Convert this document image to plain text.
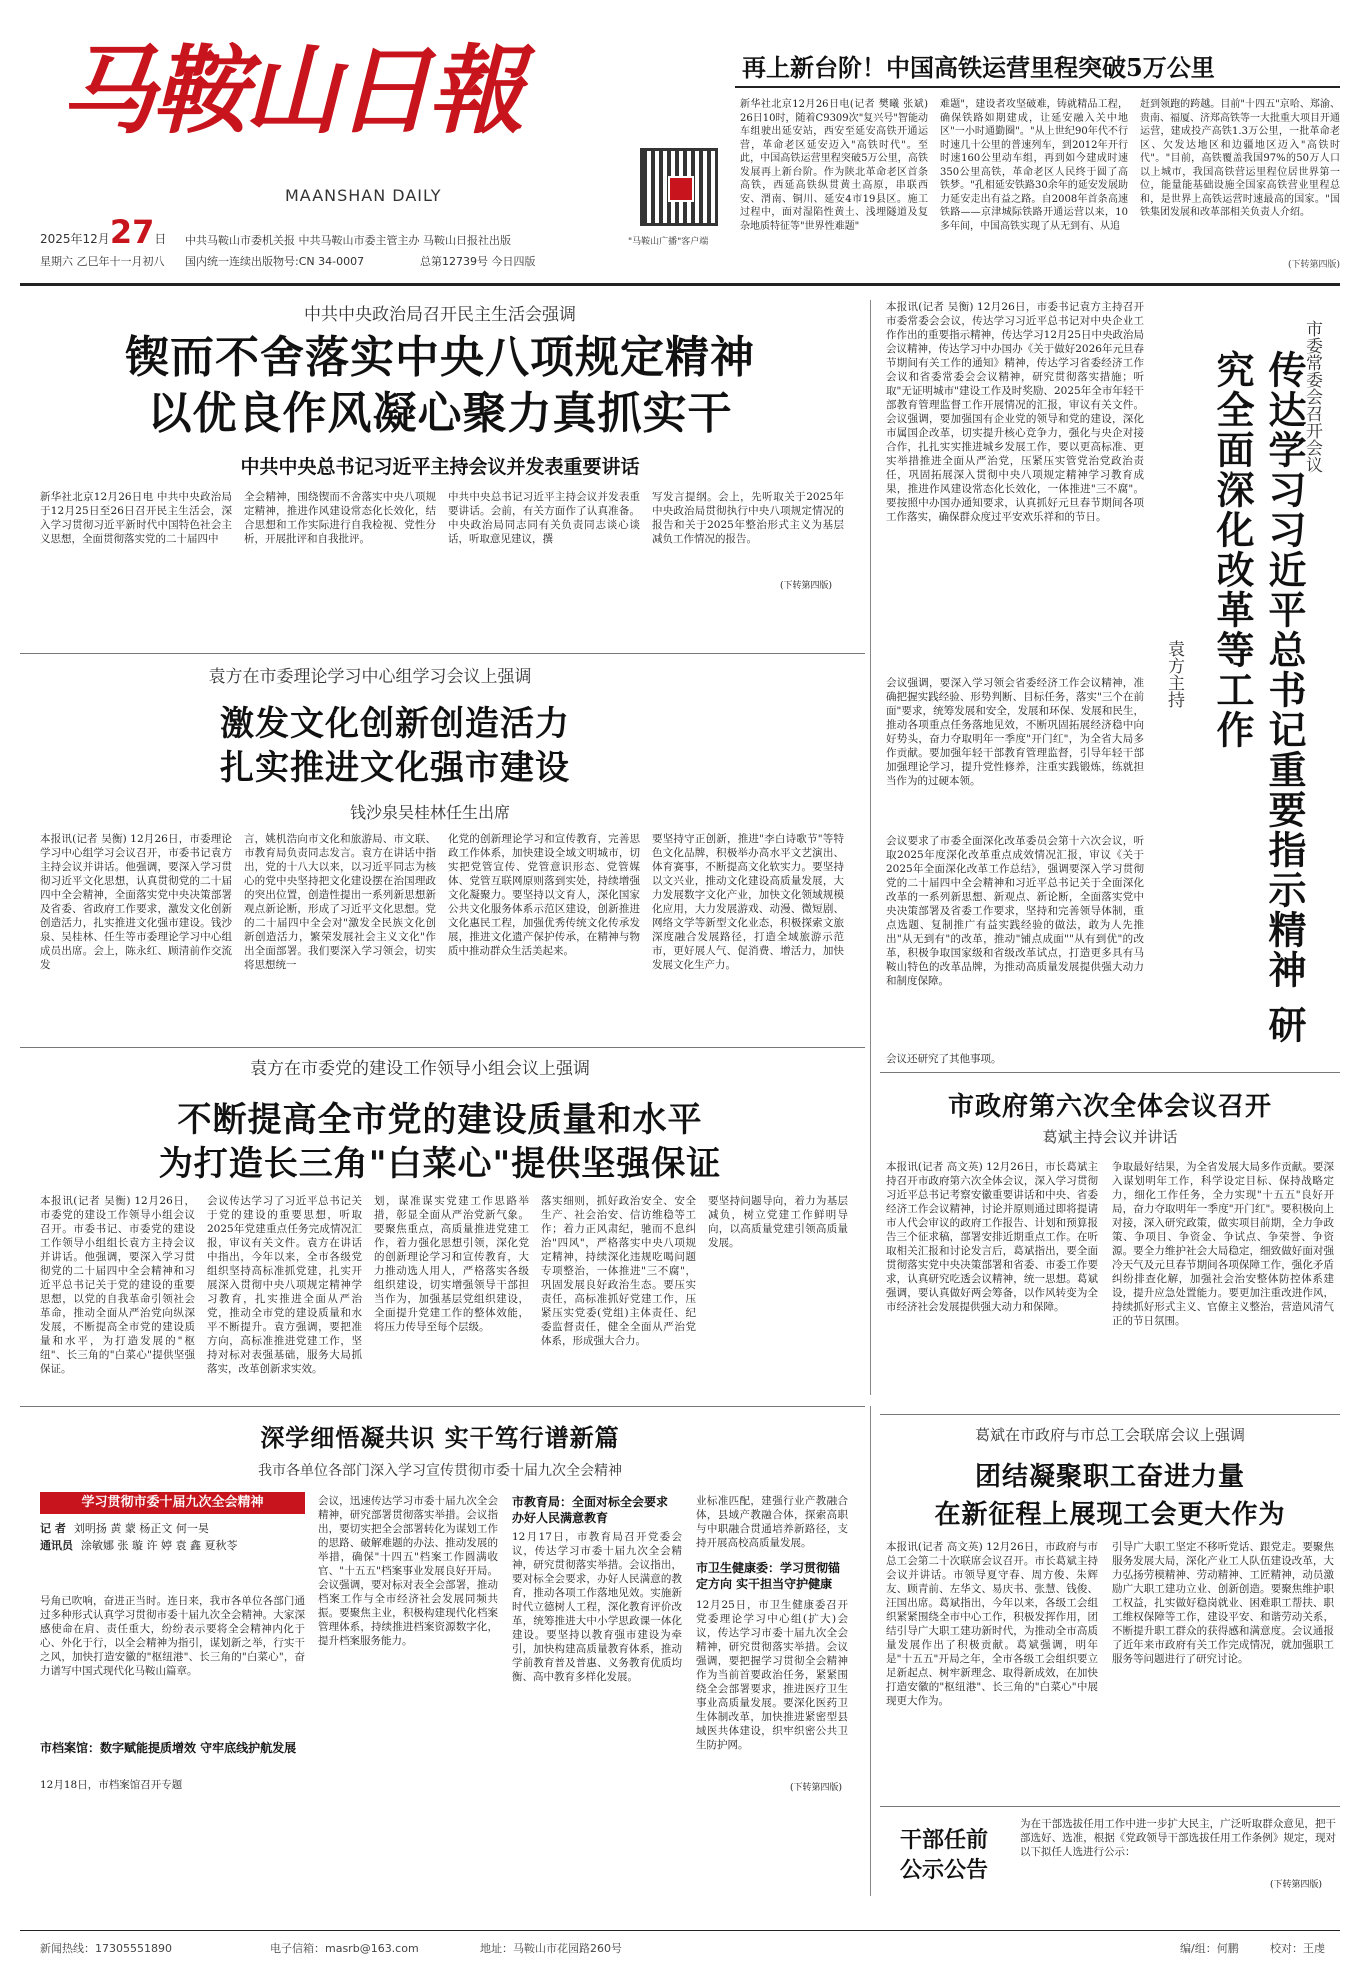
马鞍山日報
MAANSHAN DAILY
2025年12月27日
星期六 乙巳年十一月初八
中共马鞍山市委机关报 中共马鞍山市委主管主办 马鞍山日报社出版
国内统一连续出版物号:CN 34-0007	总第12739号 今日四版
"马鞍山广播"客户端
再上新台阶！中国高铁运营里程突破5万公里
新华社北京12月26日电(记者 樊曦 张斌) 26日10时，随着C9309次"复兴号"智能动车组驶出延安站，西安至延安高铁开通运营，革命老区延安迈入"高铁时代"。至此，中国高铁运营里程突破5万公里，高铁发展再上新台阶。作为陕北革命老区首条高铁，西延高铁纵贯黄土高原，串联西安、渭南、铜川、延安4市19县区。施工过程中，面对湿陷性黄土、浅埋隧道及复杂地质特征等"世界性难题"
难题"，建设者攻坚破难，铸就精品工程，确保铁路如期建成，让延安融入关中地区"一小时通勤圈"。"从上世纪90年代不行时速几十公里的普速列车，到2012年开行时速160公里动车组，再到如今建成时速350公里高铁，革命老区人民终于圆了高铁梦。"孔相延安铁路30余年的延安发展助力延安走出有益之路。自2008年首条高速铁路——京津城际铁路开通运营以来，10多年间，中国高铁实现了从无到有、从追
赶到领跑的跨越。目前"十四五"京哈、郑渝、贵南、福厦、济郑高铁等一大批重大项目开通运营，建成投产高铁1.3万公里，一批革命老区、欠发达地区和边疆地区迈入"高铁时代"。"目前，高铁覆盖我国97%的50万人口以上城市，我国高铁营运里程位居世界第一位，能量能基础设施全国家高铁营业里程总和，是世界上高铁运营时速最高的国家。"国铁集团发展和改革部相关负责人介绍。
(下转第四版)
中共中央政治局召开民主生活会强调
锲而不舍落实中央八项规定精神
以优良作风凝心聚力真抓实干
中共中央总书记习近平主持会议并发表重要讲话
新华社北京12月26日电 中共中央政治局于12月25日至26日召开民主生活会，深入学习贯彻习近平新时代中国特色社会主义思想，全面贯彻落实党的二十届四中
全会精神，围绕锲而不舍落实中央八项规定精神，推进作风建设常态化长效化，结合思想和工作实际进行自我检视、党性分析，开展批评和自我批评。
中共中央总书记习近平主持会议并发表重要讲话。会前，有关方面作了认真准备。中央政治局同志同有关负责同志谈心谈话，听取意见建议，撰
写发言提纲。会上，先听取关于2025年中央政治局贯彻执行中央八项规定情况的报告和关于2025年整治形式主义为基层减负工作情况的报告。
(下转第四版)
袁方在市委理论学习中心组学习会议上强调
激发文化创新创造活力
扎实推进文化强市建设
钱沙泉吴桂林任生出席
本报讯(记者 吴衡) 12月26日，市委理论学习中心组学习会议召开，市委书记袁方主持会议并讲话。他强调，要深入学习贯彻习近平文化思想，认真贯彻党的二十届四中全会精神，全面落实党中央决策部署及省委、省政府工作要求，激发文化创新创造活力，扎实推进文化强市建设。钱沙泉、吴桂林、任生等市委理论学习中心组成员出席。会上，陈永红、顾清前作交流发
言，姚机浩向市文化和旅游局、市文联、市教育局负责同志发言。袁方在讲话中指出，党的十八大以来，以习近平同志为核心的党中央坚持把文化建设摆在治国理政的突出位置，创造性提出一系列新思想新观点新论断，形成了习近平文化思想。党的二十届四中全会对"激发全民族文化创新创造活力，繁荣发展社会主义文化"作出全面部署。我们要深入学习领会，切实将思想统一
化党的创新理论学习和宣传教育，完善思政工作体系，加快建设全域文明城市，切实把党管宣传、党管意识形态、党管媒体、党管互联网原则落到实处，持续增强文化凝聚力。要坚持以文育人，深化国家公共文化服务体系示范区建设，创新推进文化惠民工程，加强优秀传统文化传承发展，推进文化遗产保护传承，在精神与物质中推动群众生活美起来。
要坚持守正创新，推进"李白诗歌节"等特色文化品牌，积极举办高水平文艺演出、体育赛事，不断提高文化软实力。要坚持以文兴业，推动文化建设高质量发展，大力发展数字文化产业，加快文化领域规模化应用，大力发展游戏、动漫、微短剧、网络文学等新型文化业态，积极探索文旅深度融合发展路径，打造全域旅游示范市，更好展人气、促消费、增活力，加快发展文化生产力。
袁方在市委党的建设工作领导小组会议上强调
不断提高全市党的建设质量和水平
为打造长三角"白菜心"提供坚强保证
本报讯(记者 吴衡) 12月26日，市委党的建设工作领导小组会议召开。市委书记、市委党的建设工作领导小组组长袁方主持会议并讲话。他强调，要深入学习贯彻党的二十届四中全会精神和习近平总书记关于党的建设的重要思想，以党的自我革命引领社会革命，推动全面从严治党向纵深发展，不断提高全市党的建设质量和水平，为打造发展的"枢纽"、长三角的"白菜心"提供坚强保证。
会议传达学习了习近平总书记关于党的建设的重要思想，听取2025年党建重点任务完成情况汇报，审议有关文件。袁方在讲话中指出，今年以来，全市各级党组织坚持高标准抓党建，扎实开展深入贯彻中央八项规定精神学习教育，扎实推进全面从严治党，推动全市党的建设质量和水平不断提升。袁方强调，要把准方向，高标准推进党建工作，坚持对标对表强基础，服务大局抓落实，改革创新求实效。
划，谋准谋实党建工作思路举措，彰显全面从严治党新气象。要聚焦重点，高质量推进党建工作，着力强化思想引领，深化党的创新理论学习和宣传教育，大力推动选人用人，严格落实各级组织建设，切实增强领导干部担当作为，加强基层党组织建设，全面提升党建工作的整体效能，将压力传导至每个层级。
落实细则，抓好政治安全、安全生产、社会治安、信访维稳等工作；着力正风肃纪，驰而不息纠治"四风"，严格落实中央八项规定精神，持续深化违规吃喝问题专项整治，一体推进"三不腐"，巩固发展良好政治生态。要压实责任，高标准抓好党建工作，压紧压实党委(党组)主体责任、纪委监督责任，健全全面从严治党体系，形成强大合力。
要坚持问题导向，着力为基层减负，树立党建工作鲜明导向，以高质量党建引领高质量发展。
本报讯(记者 吴衡) 12月26日，市委书记袁方主持召开市委常委会会议，传达学习习近平总书记对中央企业工作作出的重要指示精神，传达学习12月25日中央政治局会议精神，传达学习中办国办《关于做好2026年元旦春节期间有关工作的通知》精神，传达学习省委经济工作会议和省委常委会会议精神，研究贯彻落实措施；听取"无证明城市"建设工作及时奖励、2025年全市年轻干部教育管理监督工作开展情况的汇报，审议有关文件。会议强调，要加强国有企业党的领导和党的建设，深化市属国企改革，切实提升核心竞争力，强化与央企对接合作，扎扎实实推进城乡发展工作，要以更高标准、更实举措推进全面从严治党，压紧压实管党治党政治责任，巩固拓展深入贯彻中央八项规定精神学习教育成果，推进作风建设常态化长效化，一体推进"三不腐"。要按照中办国办通知要求，认真抓好元旦春节期间各项工作落实，确保群众度过平安欢乐祥和的节日。
会议强调，要深入学习领会省委经济工作会议精神，准确把握实践经验、形势判断、目标任务，落实"三个在前面"要求，统筹发展和安全，发展和环保、发展和民生，推动各项重点任务落地见效，不断巩固拓展经济稳中向好势头，奋力夺取明年一季度"开门红"，为全省大局多作贡献。要加强年轻干部教育管理监督，引导年轻干部加强理论学习，提升党性修养，注重实践锻炼，练就担当作为的过硬本领。
会议要求了市委全面深化改革委员会第十六次会议，听取2025年度深化改革重点成效情况汇报，审议《关于2025年全面深化改革工作总结》，强调要深入学习贯彻党的二十届四中全会精神和习近平总书记关于全面深化改革的一系列新思想、新观点、新论断，全面落实党中央决策部署及省委工作要求，坚持和完善领导体制，重点选题、复制推广有益实践经验的做法，敢为人先推出"从无到有"的改革，推动"铺点成面""从有到优"的改革，积极争取国家级和省级改革试点，打造更多具有马鞍山特色的改革品牌，为推动高质量发展提供强大动力和制度保障。
会议还研究了其他事项。
传达学习习近平总书记重要指示精神 研究全面深化改革等工作	市委常委会召开会议
袁方主持
市政府第六次全体会议召开
葛斌主持会议并讲话
本报讯(记者 高文英) 12月26日，市长葛斌主持召开市政府第六次全体会议，深入学习贯彻习近平总书记考察安徽重要讲话和中央、省委经济工作会议精神，讨论并原则通过即将提请市人代会审议的政府工作报告、计划和预算报告三个征求稿，部署安排近期重点工作。在听取相关汇报和讨论发言后，葛斌指出，要全面贯彻落实党中央决策部署和省委、市委工作要求，认真研究吃透会议精神，统一思想。葛斌强调，要认真做好两会筹备，以作风转变为全市经济社会发展提供强大动力和保障。
争取最好结果，为全省发展大局多作贡献。要深入谋划明年工作，科学设定目标、保持战略定力，细化工作任务，全力实现"十五五"良好开局，奋力夺取明年一季度"开门红"。要积极向上对接，深入研究政策，做实项目前期，全力争政策、争项目、争资金、争试点、争荣誉、争资源。要全力维护社会大局稳定，细致做好面对强冷天气及元旦春节期间各项保障工作，强化矛盾纠纷排查化解，加强社会治安整体防控体系建设，提升应急处置能力。要更加注重改进作风，持续抓好形式主义、官僚主义整治，营造风清气正的节日氛围。
葛斌在市政府与市总工会联席会议上强调
团结凝聚职工奋进力量
在新征程上展现工会更大作为
本报讯(记者 高文英) 12月26日，市政府与市总工会第二十次联席会议召开。市长葛斌主持会议并讲话。市领导夏守春、周方俊、朱辉友、顾青前、左华文、易庆书、张慧、钱俊、汪国出席。葛斌指出，今年以来，各级工会组织紧紧围绕全市中心工作，积极发挥作用，团结引导广大职工建功新时代，为推动全市高质量发展作出了积极贡献。葛斌强调，明年是"十五五"开局之年，全市各级工会组织要立足新起点、树牢新理念、取得新成效，在加快打造安徽的"枢纽港"、长三角的"白菜心"中展现更大作为。
引导广大职工坚定不移听党话、跟党走。要聚焦服务发展大局，深化产业工人队伍建设改革，大力弘扬劳模精神、劳动精神、工匠精神，动员激励广大职工建功立业、创新创造。要聚焦维护职工权益，扎实做好稳岗就业、困难职工帮扶、职工维权保障等工作，建设平安、和谐劳动关系，不断提升职工群众的获得感和满意度。会议通报了近年来市政府有关工作完成情况，就加强职工服务等问题进行了研究讨论。
干部任前
公示公告
为在干部选拔任用工作中进一步扩大民主，广泛听取群众意见，把干部选好、选准，根据《党政领导干部选拔任用工作条例》规定，现对以下拟任人选进行公示：
(下转第四版)
深学细悟凝共识 实干笃行谱新篇
我市各单位各部门深入学习宣传贯彻市委十届九次全会精神
学习贯彻市委十届九次全会精神
记 者 刘明扬 黄 蒙 杨正文 何一昊
通讯员 涂敏娜 张 璇 许 婷 袁 鑫 夏秋苓
号角已吹响，奋进正当时。连日来，我市各单位各部门通过多种形式认真学习贯彻市委十届九次全会精神。大家深感使命在肩、责任重大，纷纷表示要将全会精神内化于心、外化于行，以全会精神为指引，谋划新之举，行实干之风，加快打造安徽的"枢纽港"、长三角的"白菜心"，奋力谱写中国式现代化马鞍山篇章。
市档案馆：数字赋能提质增效 守牢底线护航发展
12月18日，市档案馆召开专题
会议，迅速传达学习市委十届九次全会精神，研究部署贯彻落实举措。会议指出，要切实把全会部署转化为谋划工作的思路、破解难题的办法、推动发展的举措，确保"十四五"档案工作圆满收官、"十五五"档案事业发展良好开局。会议强调，要对标对表全会部署，推动档案工作与全市经济社会发展同频共振。要聚焦主业，积极构建现代化档案管理体系，持续推进档案资源数字化，提升档案服务能力。
市教育局：全面对标全会要求 办好人民满意教育
12月17日，市教育局召开党委会议，传达学习市委十届九次全会精神，研究贯彻落实举措。会议指出，要对标全会要求，办好人民满意的教育，推动各项工作落地见效。实施新时代立德树人工程，深化教育评价改革，统筹推进大中小学思政课一体化建设。要坚持以教育强市建设为牵引，加快构建高质量教育体系，推动学前教育普及普惠、义务教育优质均衡、高中教育多样化发展。
业标准匹配，建强行业产教融合体，县域产教融合体，探索高职与中职融合贯通培养新路径，支持开展高校高质量发展。
市卫生健康委：学习贯彻锚定方向 实干担当守护健康
12月25日，市卫生健康委召开党委理论学习中心组(扩大)会议，传达学习市委十届九次全会精神，研究贯彻落实举措。会议强调，要把握学习贯彻全会精神作为当前首要政治任务，紧紧围绕全会部署要求，推进医疗卫生事业高质量发展。要深化医药卫生体制改革，加快推进紧密型县域医共体建设，织牢织密公共卫生防护网。
(下转第四版)
新闻热线：17305551890	电子信箱：masrb@163.com	地址：马鞍山市花园路260号	编/组：何鹏	校对：王虔
